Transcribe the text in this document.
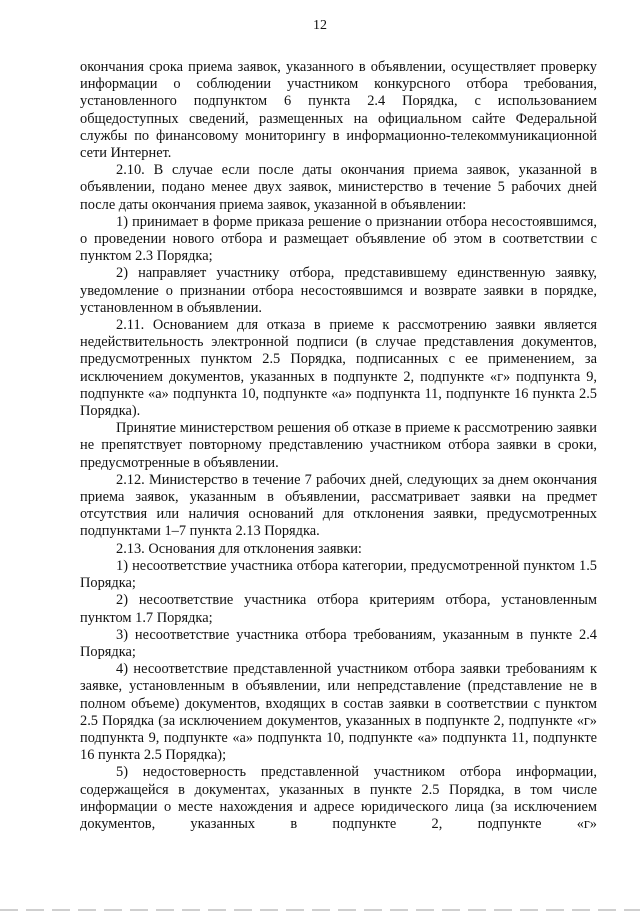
12

окончания срока приема заявок, указанного в объявлении, осуществляет проверку информации о соблюдении участником конкурсного отбора требования, установленного подпунктом 6 пункта 2.4 Порядка, с использованием общедоступных сведений, размещенных на официальном сайте Федеральной службы по финансовому мониторингу в информационно-телекоммуникационной сети Интернет.

2.10. В случае если после даты окончания приема заявок, указанной в объявлении, подано менее двух заявок, министерство в течение 5 рабочих дней после даты окончания приема заявок, указанной в объявлении:

1) принимает в форме приказа решение о признании отбора несостоявшимся, о проведении нового отбора и размещает объявление об этом в соответствии с пунктом 2.3 Порядка;

2) направляет участнику отбора, представившему единственную заявку, уведомление о признании отбора несостоявшимся и возврате заявки в порядке, установленном в объявлении.

2.11. Основанием для отказа в приеме к рассмотрению заявки является недействительность электронной подписи (в случае представления документов, предусмотренных пунктом 2.5 Порядка, подписанных с ее применением, за исключением документов, указанных в подпункте 2, подпункте «г» подпункта 9, подпункте «а» подпункта 10, подпункте «а» подпункта 11, подпункте 16 пункта 2.5 Порядка).

Принятие министерством решения об отказе в приеме к рассмотрению заявки не препятствует повторному представлению участником отбора заявки в сроки, предусмотренные в объявлении.

2.12. Министерство в течение 7 рабочих дней, следующих за днем окончания приема заявок, указанным в объявлении, рассматривает заявки на предмет отсутствия или наличия оснований для отклонения заявки, предусмотренных подпунктами 1–7 пункта 2.13 Порядка.

2.13. Основания для отклонения заявки:

1) несоответствие участника отбора категории, предусмотренной пунктом 1.5 Порядка;

2) несоответствие участника отбора критериям отбора, установленным пунктом 1.7 Порядка;

3) несоответствие участника отбора требованиям, указанным в пункте 2.4 Порядка;

4) несоответствие представленной участником отбора заявки требованиям к заявке, установленным в объявлении, или непредставление (представление не в полном объеме) документов, входящих в состав заявки в соответствии с пунктом 2.5 Порядка (за исключением документов, указанных в подпункте 2, подпункте «г» подпункта 9, подпункте «а» подпункта 10, подпункте «а» подпункта 11, подпункте 16 пункта 2.5 Порядка);

5) недостоверность представленной участником отбора информации, содержащейся в документах, указанных в пункте 2.5 Порядка, в том числе информации о месте нахождения и адресе юридического лица (за исключением документов, указанных в подпункте 2, подпункте «г»
